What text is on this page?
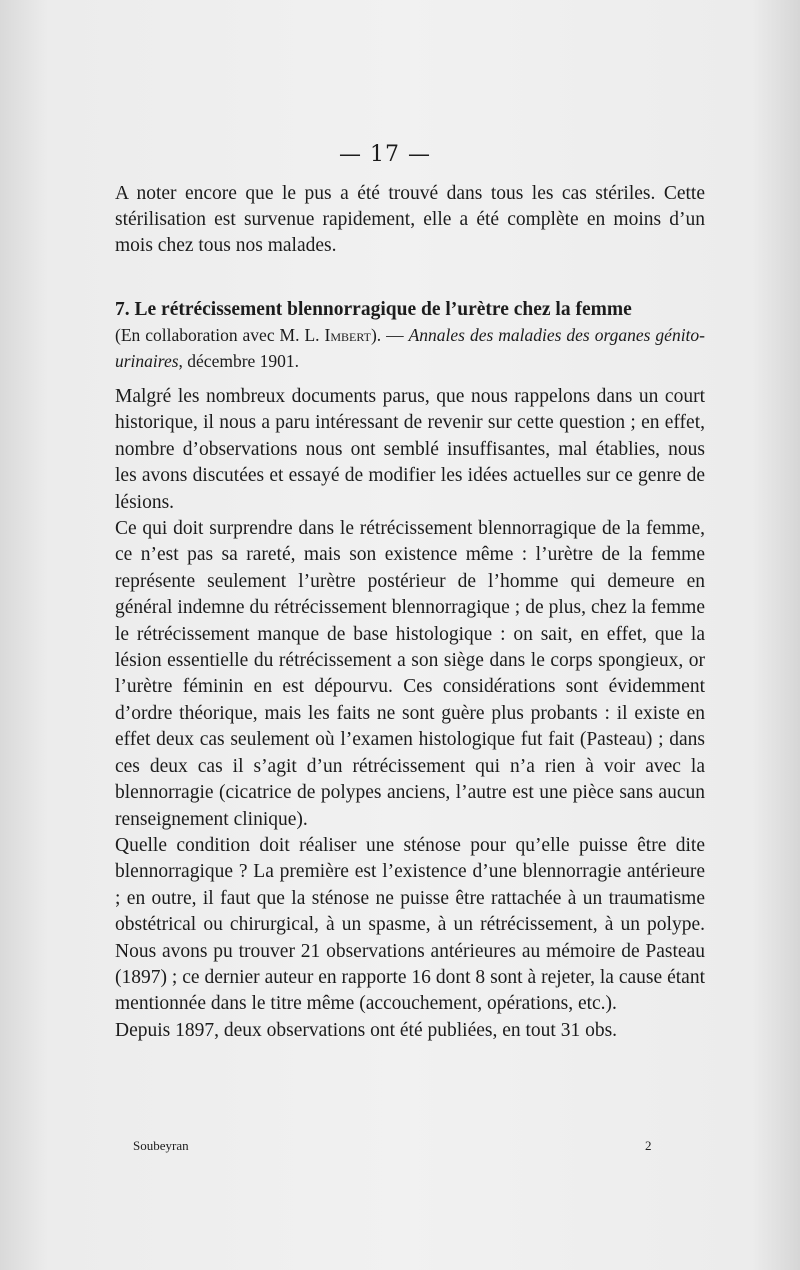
— 17 —

A noter encore que le pus a été trouvé dans tous les cas stériles. Cette stérilisation est survenue rapidement, elle a été complète en moins d’un mois chez tous nos malades.

7. Le rétrécissement blennorragique de l’urètre chez la femme

(En collaboration avec M. L. Imbert). — Annales des maladies des organes génito-urinaires, décembre 1901.

Malgré les nombreux documents parus, que nous rappelons dans un court historique, il nous a paru intéressant de revenir sur cette question ; en effet, nombre d’observations nous ont semblé insuffisantes, mal établies, nous les avons discutées et essayé de modifier les idées actuelles sur ce genre de lésions.

Ce qui doit surprendre dans le rétrécissement blennorragique de la femme, ce n’est pas sa rareté, mais son existence même : l’urètre de la femme représente seulement l’urètre postérieur de l’homme qui demeure en général indemne du rétrécissement blennorragique ; de plus, chez la femme le rétrécissement manque de base histologique : on sait, en effet, que la lésion essentielle du rétrécissement a son siège dans le corps spongieux, or l’urètre féminin en est dépourvu. Ces considérations sont évidemment d’ordre théorique, mais les faits ne sont guère plus probants : il existe en effet deux cas seulement où l’examen histologique fut fait (Pasteau) ; dans ces deux cas il s’agit d’un rétrécissement qui n’a rien à voir avec la blennorragie (cicatrice de polypes anciens, l’autre est une pièce sans aucun renseignement clinique).

Quelle condition doit réaliser une sténose pour qu’elle puisse être dite blennorragique ? La première est l’existence d’une blennorragie antérieure ; en outre, il faut que la sténose ne puisse être rattachée à un traumatisme obstétrical ou chirurgical, à un spasme, à un rétrécissement, à un polype. Nous avons pu trouver 21 observations antérieures au mémoire de Pasteau (1897) ; ce dernier auteur en rapporte 16 dont 8 sont à rejeter, la cause étant mentionnée dans le titre même (accouchement, opérations, etc.).

Depuis 1897, deux observations ont été publiées, en tout 31 obs.

Soubeyran	2
